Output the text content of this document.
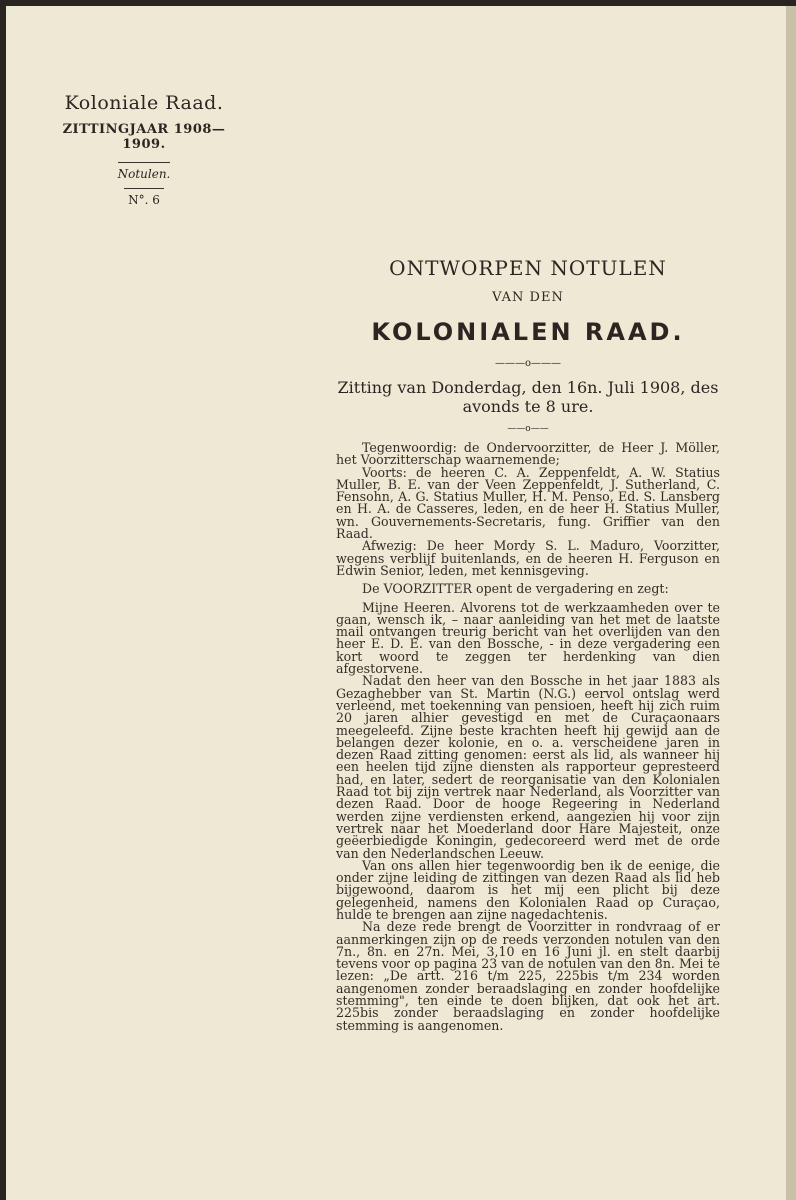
Koloniale Raad.
ZITTINGJAAR 1908—1909.
Notulen.
N°. 6
ONTWORPEN NOTULEN
VAN DEN
KOLONIALEN RAAD.
———o———
Zitting van Donderdag, den 16n. Juli 1908, des avonds te 8 ure.
——o——

Tegenwoordig: de Ondervoorzitter, de Heer J. Möller, het Voorzitterschap waarnemende;

Voorts: de heeren C. A. Zeppenfeldt, A. W. Statius Muller, B. E. van der Veen Zeppenfeldt, J. Sutherland, C. Fensohn, A. G. Statius Muller, H. M. Penso, Ed. S. Lansberg en H. A. de Casseres, leden, en de heer H. Statius Muller, wn. Gouvernements-Secretaris, fung. Griffier van den Raad.

Afwezig: De heer Mordy S. L. Maduro, Voorzitter, wegens verblijf buitenlands, en de heeren H. Ferguson en Edwin Senior, leden, met kennisgeving.

De VOORZITTER opent de vergadering en zegt:

Mijne Heeren. Alvorens tot de werkzaamheden over te gaan, wensch ik, – naar aanleiding van het met de laatste mail ontvangen treurig bericht van het overlijden van den heer E. D. E. van den Bossche, - in deze vergadering een kort woord te zeggen ter herdenking van dien afgestorvene.

Nadat den heer van den Bossche in het jaar 1883 als Gezaghebber van St. Martin (N.G.) eervol ontslag werd verleend, met toekenning van pensioen, heeft hij zich ruim 20 jaren alhier gevestigd en met de Curaçaonaars meegeleefd. Zijne beste krachten heeft hij gewijd aan de belangen dezer kolonie, en o. a. verscheidene jaren in dezen Raad zitting genomen: eerst als lid, als wanneer hij een heelen tijd zijne diensten als rapporteur gepresteerd had, en later, sedert de reorganisatie van den Kolonialen Raad tot bij zijn vertrek naar Nederland, als Voorzitter van dezen Raad. Door de hooge Regeering in Nederland werden zijne verdiensten erkend, aangezien hij voor zijn vertrek naar het Moederland door Hare Majesteit, onze geëerbiedigde Koningin, gedecoreerd werd met de orde van den Nederlandschen Leeuw.

Van ons allen hier tegenwoordig ben ik de eenige, die onder zijne leiding de zittingen van dezen Raad als lid heb bijgewoond, daarom is het mij een plicht bij deze gelegenheid, namens den Kolonialen Raad op Curaçao, hulde te brengen aan zijne nagedachtenis.

Na deze rede brengt de Voorzitter in rondvraag of er aanmerkingen zijn op de reeds verzonden notulen van den 7n., 8n. en 27n. Mei, 3,10 en 16 Juni jl. en stelt daarbij tevens voor op pagina 23 van de notulen van den 8n. Mei te lezen: „De artt. 216 t/m 225, 225bis t/m 234 worden aangenomen zonder beraadslaging en zonder hoofdelijke stemming", ten einde te doen blijken, dat ook het art. 225bis zonder beraadslaging en zonder hoofdelijke stemming is aangenomen.
